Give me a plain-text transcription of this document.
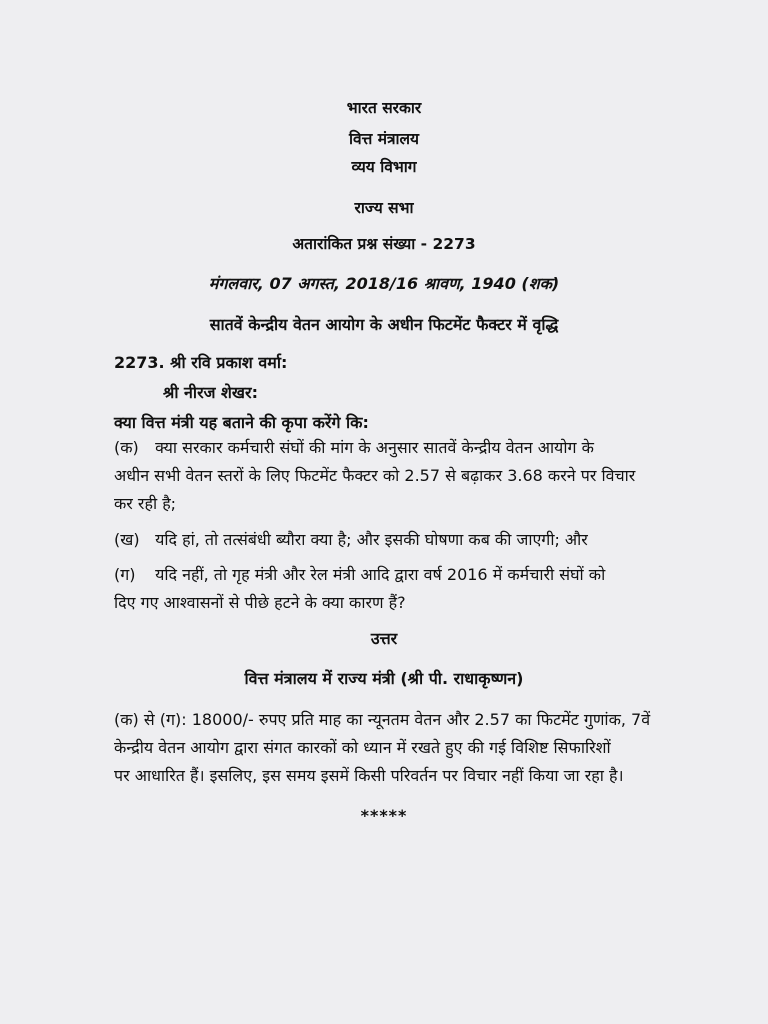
भारत सरकार
वित्त मंत्रालय
व्यय विभाग
राज्य सभा
अतारांकित प्रश्न संख्या - 2273
मंगलवार, 07 अगस्त, 2018/16 श्रावण, 1940 (शक)
सातवें केन्द्रीय वेतन आयोग के अधीन फिटमेंट फैक्टर में वृद्धि
2273. श्री रवि प्रकाश वर्मा:
श्री नीरज शेखर:
क्या वित्त मंत्री यह बताने की कृपा करेंगे कि:
(क) क्या सरकार कर्मचारी संघों की मांग के अनुसार सातवें केन्द्रीय वेतन आयोग के
अधीन सभी वेतन स्तरों के लिए फिटमेंट फैक्टर को 2.57 से बढ़ाकर 3.68 करने पर विचार
कर रही है;
(ख) यदि हां, तो तत्संबंधी ब्यौरा क्या है; और इसकी घोषणा कब की जाएगी; और
(ग) यदि नहीं, तो गृह मंत्री और रेल मंत्री आदि द्वारा वर्ष 2016 में कर्मचारी संघों को
दिए गए आश्वासनों से पीछे हटने के क्या कारण हैं?
उत्तर
वित्त मंत्रालय में राज्य मंत्री (श्री पी. राधाकृष्णन)
(क) से (ग): 18000/- रुपए प्रति माह का न्यूनतम वेतन और 2.57 का फिटमेंट गुणांक, 7वें
केन्द्रीय वेतन आयोग द्वारा संगत कारकों को ध्यान में रखते हुए की गई विशिष्ट सिफारिशों
पर आधारित हैं। इसलिए, इस समय इसमें किसी परिवर्तन पर विचार नहीं किया जा रहा है।
*****
